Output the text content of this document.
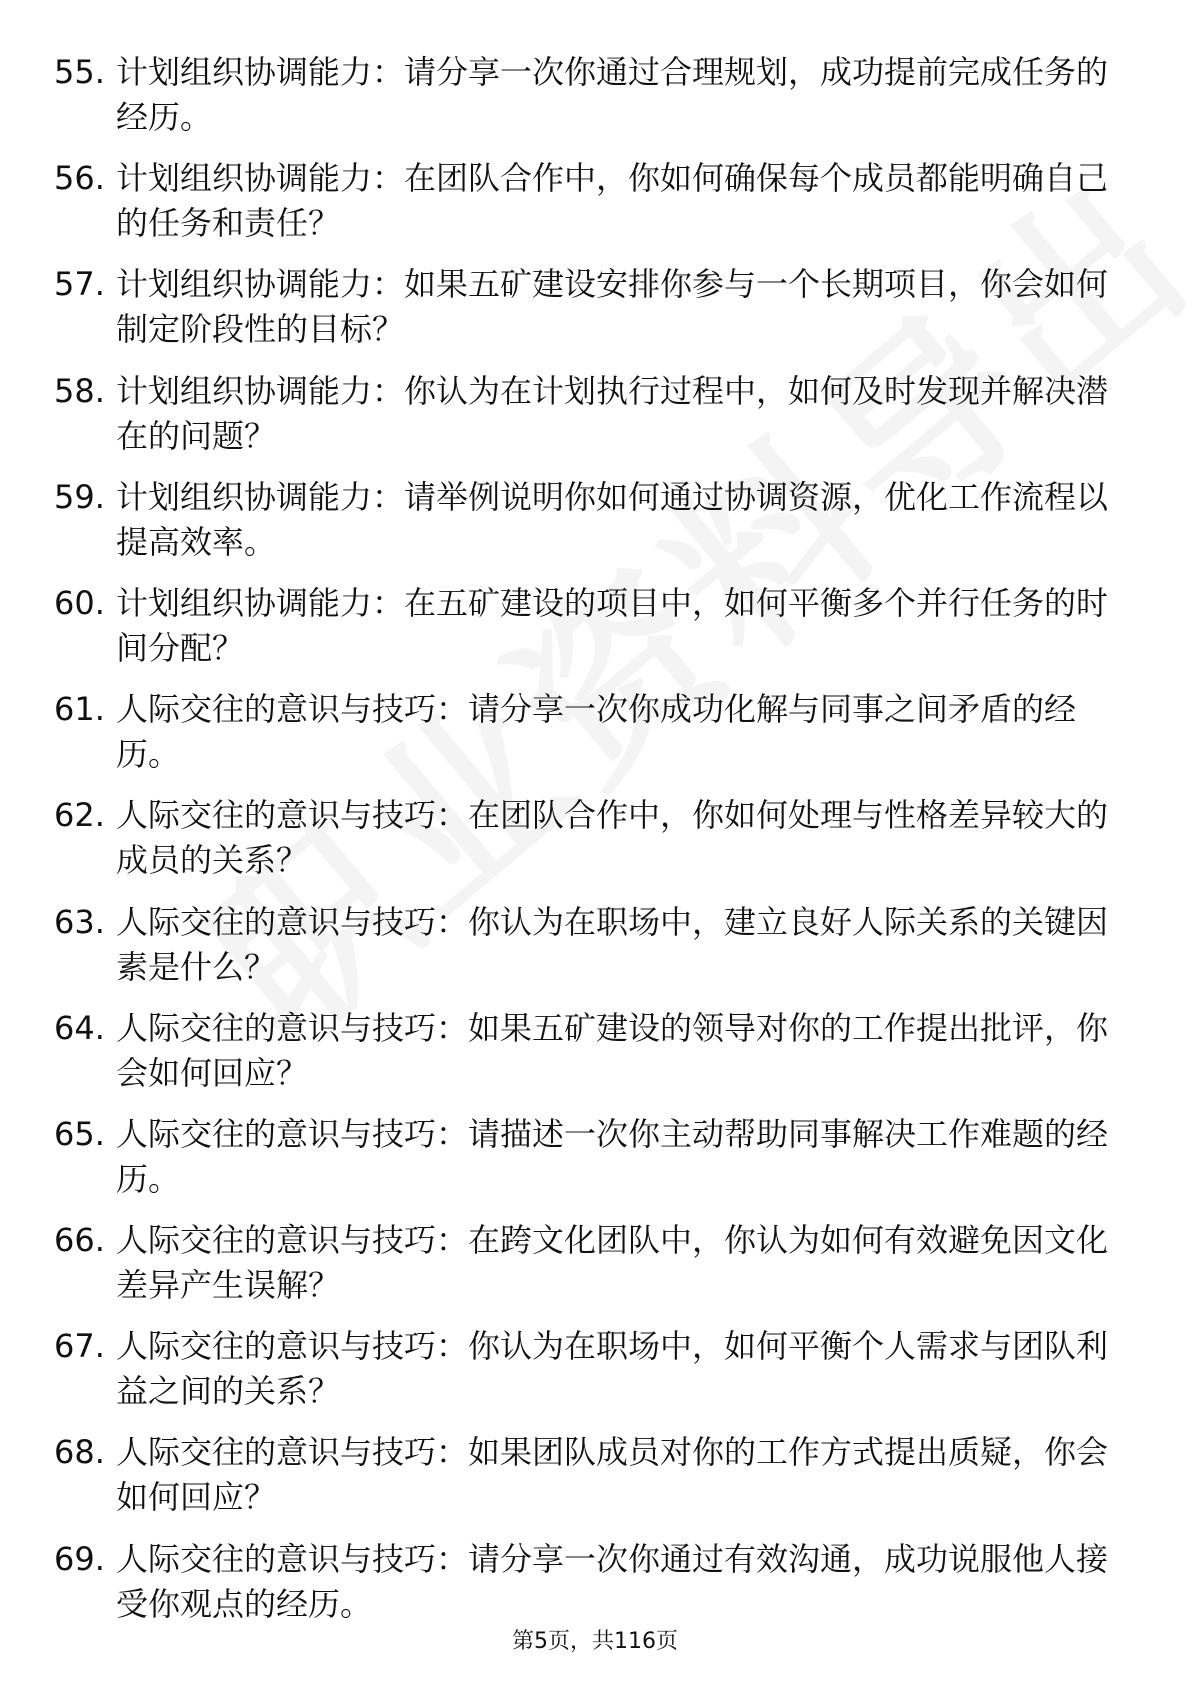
55. 计划组织协调能力：请分享一次你通过合理规划，成功提前完成任务的经历。
56. 计划组织协调能力：在团队合作中，你如何确保每个成员都能明确自己的任务和责任？
57. 计划组织协调能力：如果五矿建设安排你参与一个长期项目，你会如何制定阶段性的目标？
58. 计划组织协调能力：你认为在计划执行过程中，如何及时发现并解决潜在的问题？
59. 计划组织协调能力：请举例说明你如何通过协调资源，优化工作流程以提高效率。
60. 计划组织协调能力：在五矿建设的项目中，如何平衡多个并行任务的时间分配？
61. 人际交往的意识与技巧：请分享一次你成功化解与同事之间矛盾的经历。
62. 人际交往的意识与技巧：在团队合作中，你如何处理与性格差异较大的成员的关系？
63. 人际交往的意识与技巧：你认为在职场中，建立良好人际关系的关键因素是什么？
64. 人际交往的意识与技巧：如果五矿建设的领导对你的工作提出批评，你会如何回应？
65. 人际交往的意识与技巧：请描述一次你主动帮助同事解决工作难题的经历。
66. 人际交往的意识与技巧：在跨文化团队中，你认为如何有效避免因文化差异产生误解？
67. 人际交往的意识与技巧：你认为在职场中，如何平衡个人需求与团队利益之间的关系？
68. 人际交往的意识与技巧：如果团队成员对你的工作方式提出质疑，你会如何回应？
69. 人际交往的意识与技巧：请分享一次你通过有效沟通，成功说服他人接受你观点的经历。
第5页，共116页
